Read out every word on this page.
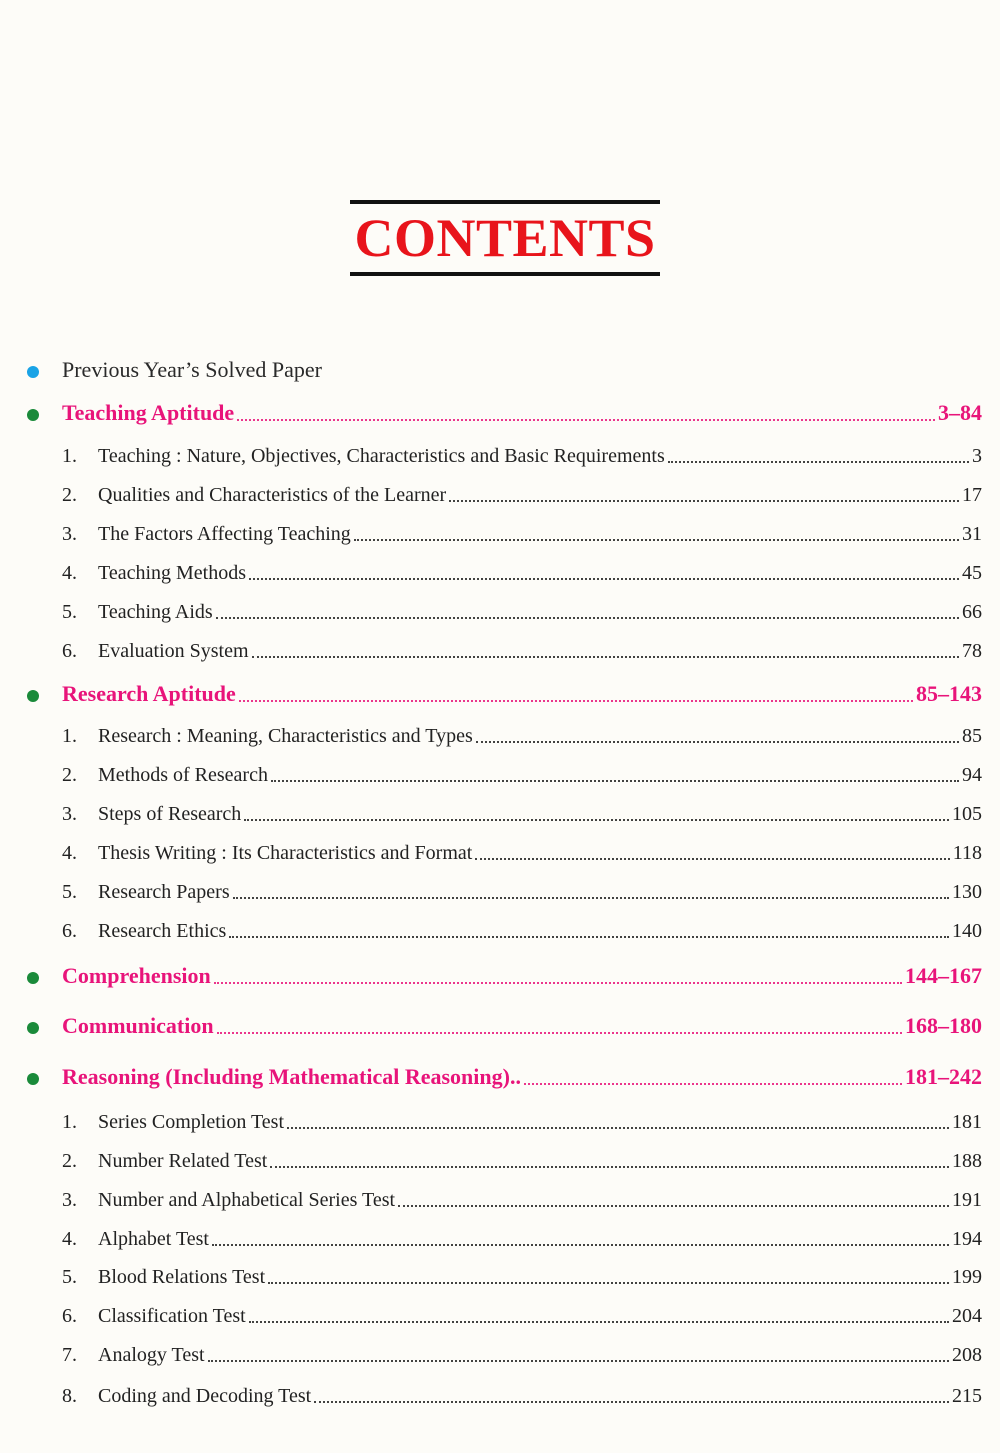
CONTENTS
Previous Year’s Solved Paper
Teaching Aptitude	3–84
1.	Teaching : Nature, Objectives, Characteristics and Basic Requirements	3
2.	Qualities and Characteristics of the Learner	17
3.	The Factors Affecting Teaching	31
4.	Teaching Methods	45
5.	Teaching Aids	66
6.	Evaluation System	78
Research Aptitude	85–143
1.	Research : Meaning, Characteristics and Types	85
2.	Methods of Research	94
3.	Steps of Research	105
4.	Thesis Writing : Its Characteristics and Format	118
5.	Research Papers	130
6.	Research Ethics	140
Comprehension	144–167
Communication	168–180
Reasoning (Including Mathematical Reasoning)..	181–242
1.	Series Completion Test	181
2.	Number Related Test	188
3.	Number and Alphabetical Series Test	191
4.	Alphabet Test	194
5.	Blood Relations Test	199
6.	Classification Test	204
7.	Analogy Test	208
8.	Coding and Decoding Test	215
